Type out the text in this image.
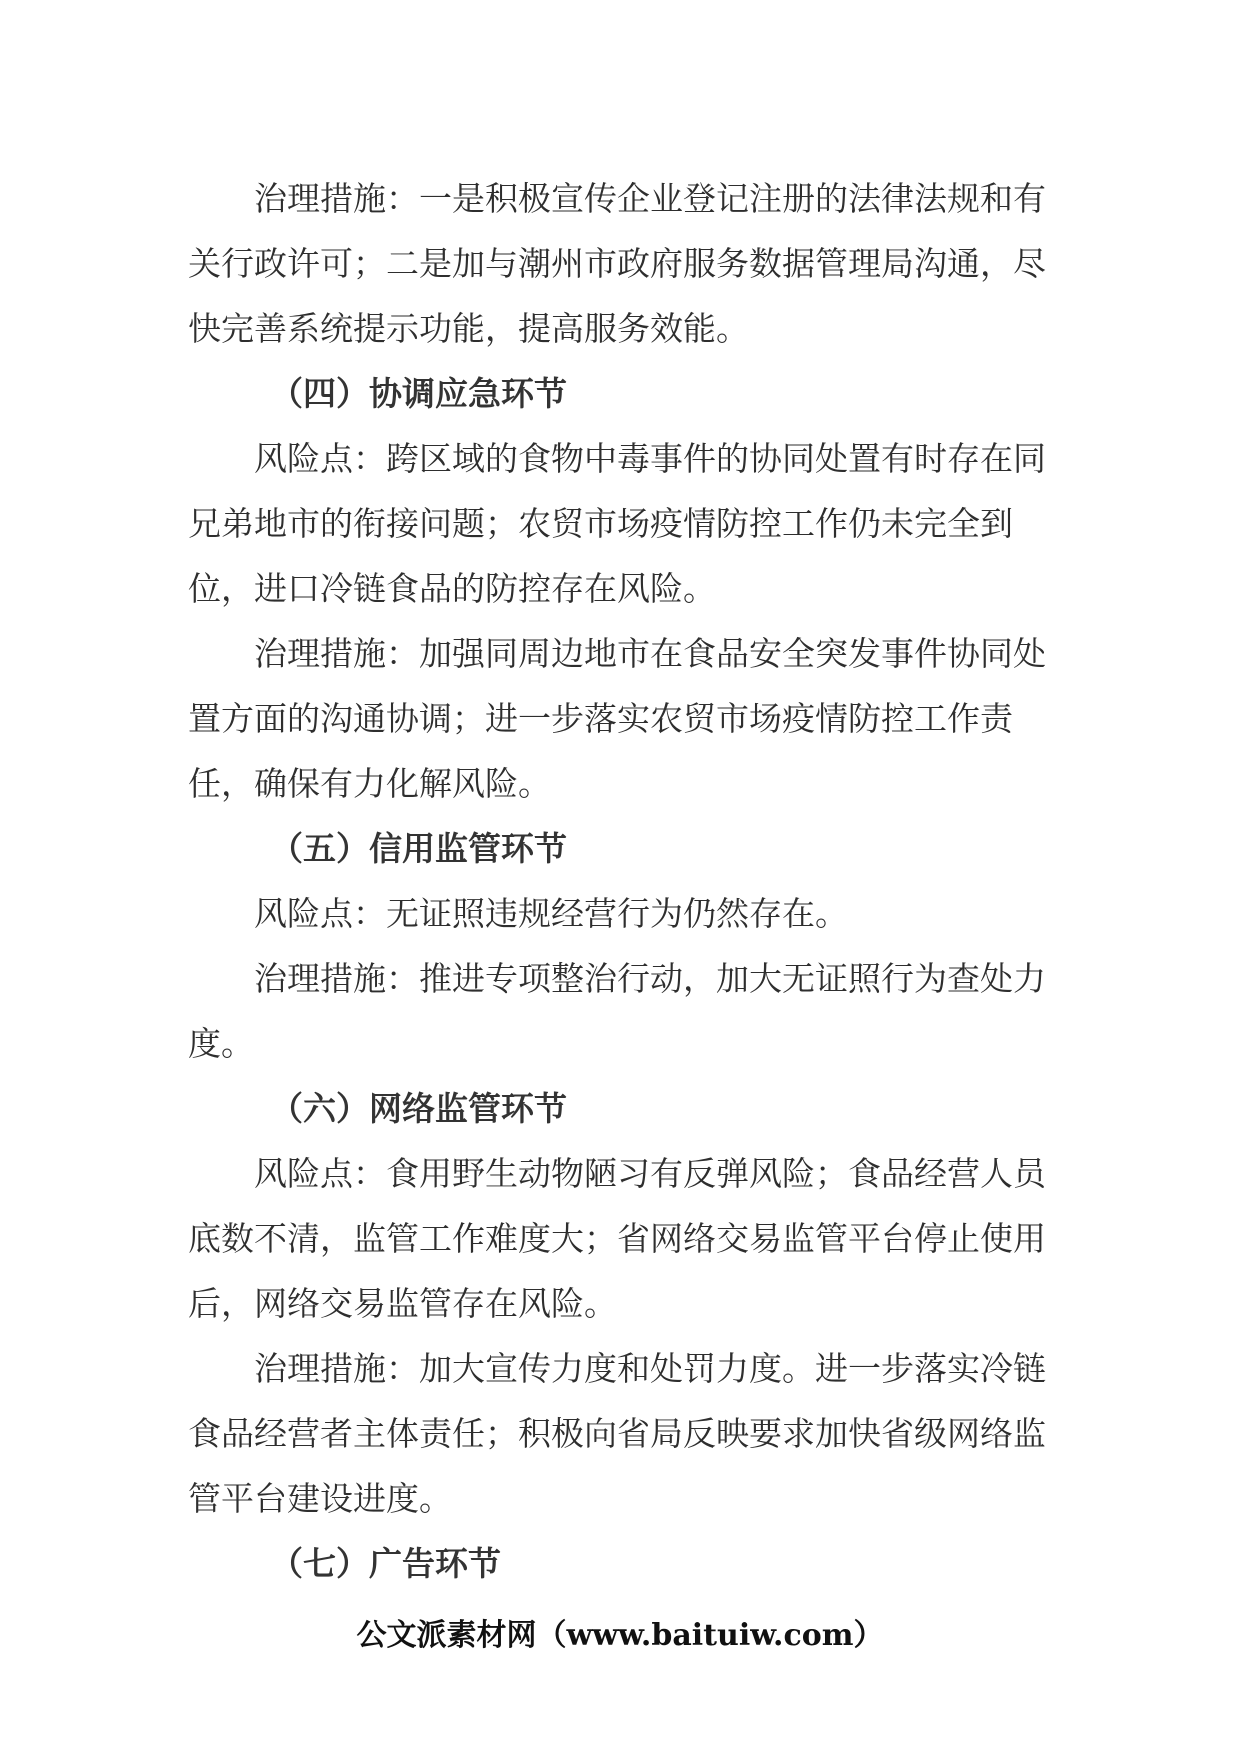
治理措施：一是积极宣传企业登记注册的法律法规和有关行政许可；二是加与潮州市政府服务数据管理局沟通，尽快完善系统提示功能，提高服务效能。

（四）协调应急环节

风险点：跨区域的食物中毒事件的协同处置有时存在同兄弟地市的衔接问题；农贸市场疫情防控工作仍未完全到位，进口冷链食品的防控存在风险。

治理措施：加强同周边地市在食品安全突发事件协同处置方面的沟通协调；进一步落实农贸市场疫情防控工作责任，确保有力化解风险。

（五）信用监管环节

风险点：无证照违规经营行为仍然存在。

治理措施：推进专项整治行动，加大无证照行为查处力度。

（六）网络监管环节

风险点：食用野生动物陋习有反弹风险；食品经营人员底数不清，监管工作难度大；省网络交易监管平台停止使用后，网络交易监管存在风险。

治理措施：加大宣传力度和处罚力度。进一步落实冷链食品经营者主体责任；积极向省局反映要求加快省级网络监管平台建设进度。

（七）广告环节

公文派素材网（www.baituiw.com）
